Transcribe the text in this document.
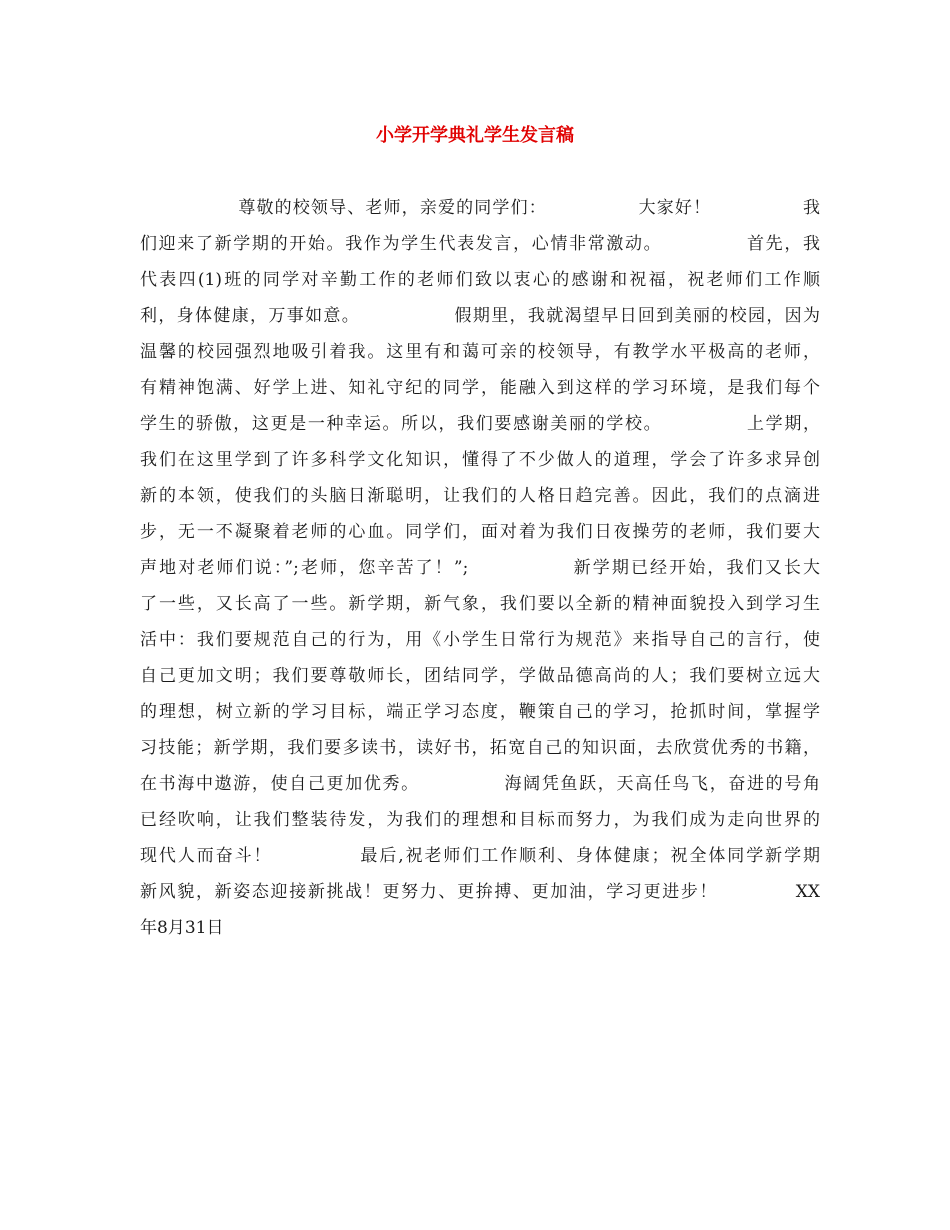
小学开学典礼学生发言稿
尊敬的校领导、老师，亲爱的同学们：              大家好！              我
们迎来了新学期的开始。我作为学生代表发言，心情非常激动。            首先，我
代表四(1)班的同学对辛勤工作的老师们致以衷心的感谢和祝福，祝老师们工作顺
利，身体健康，万事如意。              假期里，我就渴望早日回到美丽的校园，因为
温馨的校园强烈地吸引着我。这里有和蔼可亲的校领导，有教学水平极高的老师，
有精神饱满、好学上进、知礼守纪的同学，能融入到这样的学习环境，是我们每个
学生的骄傲，这更是一种幸运。所以，我们要感谢美丽的学校。            上学期，
我们在这里学到了许多科学文化知识，懂得了不少做人的道理，学会了许多求异创
新的本领，使我们的头脑日渐聪明，让我们的人格日趋完善。因此，我们的点滴进
步，无一不凝聚着老师的心血。同学们，面对着为我们日夜操劳的老师，我们要大
声地对老师们说：”;老师，您辛苦了！”;              新学期已经开始，我们又长大
了一些，又长高了一些。新学期，新气象，我们要以全新的精神面貌投入到学习生
活中：我们要规范自己的行为，用《小学生日常行为规范》来指导自己的言行，使
自己更加文明；我们要尊敬师长，团结同学，学做品德高尚的人；我们要树立远大
的理想，树立新的学习目标，端正学习态度，鞭策自己的学习，抢抓时间，掌握学
习技能；新学期，我们要多读书，读好书，拓宽自己的知识面，去欣赏优秀的书籍，
在书海中遨游，使自己更加优秀。            海阔凭鱼跃，天高任鸟飞，奋进的号角
已经吹响，让我们整装待发，为我们的理想和目标而努力，为我们成为走向世界的
现代人而奋斗！            最后,祝老师们工作顺利、身体健康；祝全体同学新学期
新风貌，新姿态迎接新挑战！更努力、更拚搏、更加油，学习更进步！           XX
年8月31日
